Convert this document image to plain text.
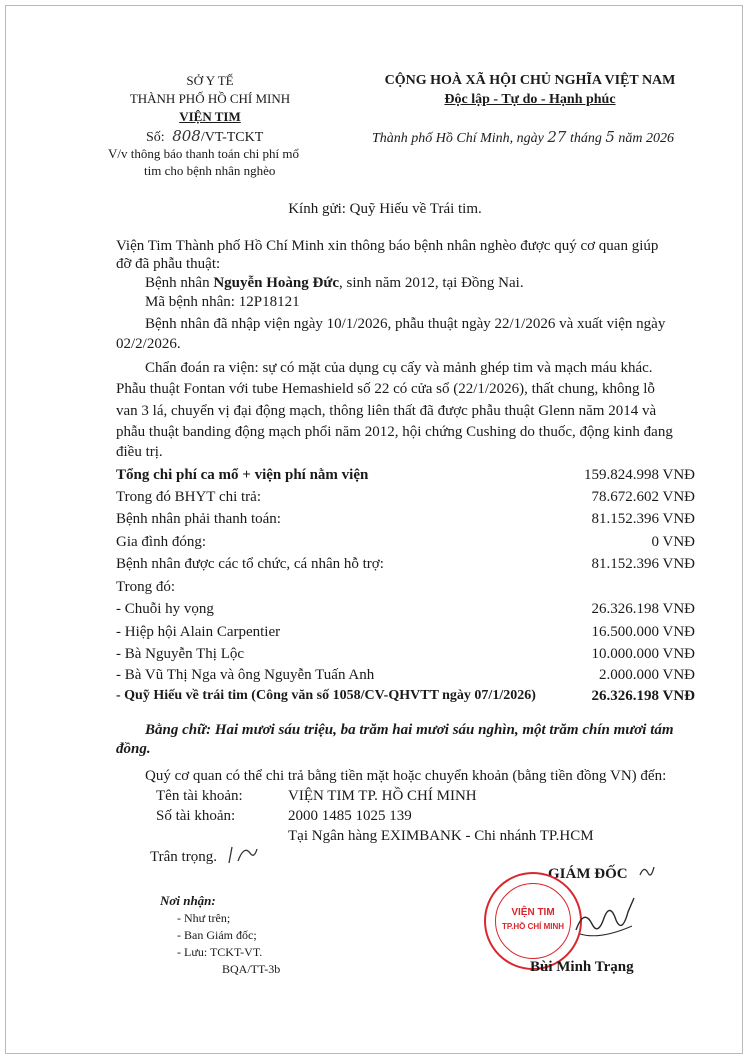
SỞ Y TẾ
THÀNH PHỐ HỒ CHÍ MINH
VIỆN TIM
Số: 808/VT-TCKT
V/v thông báo thanh toán chi phí mổ
tim cho bệnh nhân nghèo
CỘNG HOÀ XÃ HỘI CHỦ NGHĨA VIỆT NAM
Độc lập - Tự do - Hạnh phúc
Thành phố Hồ Chí Minh, ngày 27 tháng 5 năm 2026
Kính gửi: Quỹ Hiếu về Trái tim.
Viện Tim Thành phố Hồ Chí Minh xin thông báo bệnh nhân nghèo được quý cơ quan giúp
đỡ đã phẫu thuật:
Bệnh nhân Nguyễn Hoàng Đức, sinh năm 2012, tại Đồng Nai.
Mã bệnh nhân: 12P18121
Bệnh nhân đã nhập viện ngày 10/1/2026, phẫu thuật ngày 22/1/2026 và xuất viện ngày
02/2/2026.
Chẩn đoán ra viện: sự có mặt của dụng cụ cấy và mảnh ghép tim và mạch máu khác.
Phẫu thuật Fontan với tube Hemashield số 22 có cửa sổ (22/1/2026), thất chung, không lỗ
van 3 lá, chuyển vị đại động mạch, thông liên thất đã được phẫu thuật Glenn năm 2014 và
phẫu thuật banding động mạch phổi năm 2012, hội chứng Cushing do thuốc, động kinh đang
điều trị.
Tổng chi phí ca mổ + viện phí nằm viện	159.824.998 VNĐ
Trong đó BHYT chi trả:	78.672.602 VNĐ
Bệnh nhân phải thanh toán:	81.152.396 VNĐ
Gia đình đóng:	0 VNĐ
Bệnh nhân được các tổ chức, cá nhân hỗ trợ:	81.152.396 VNĐ
Trong đó:
- Chuỗi hy vọng	26.326.198 VNĐ
- Hiệp hội Alain Carpentier	16.500.000 VNĐ
- Bà Nguyễn Thị Lộc	10.000.000 VNĐ
- Bà Vũ Thị Nga và ông Nguyễn Tuấn Anh	2.000.000 VNĐ
- Quỹ Hiếu về trái tim (Công văn số 1058/CV-QHVTT ngày 07/1/2026)	26.326.198 VNĐ
Bằng chữ: Hai mươi sáu triệu, ba trăm hai mươi sáu nghìn, một trăm chín mươi tám
đồng.
Quý cơ quan có thể chi trả bằng tiền mặt hoặc chuyển khoản (bằng tiền đồng VN) đến:
Tên tài khoản:	VIỆN TIM TP. HỒ CHÍ MINH
Số tài khoản:	2000 1485 1025 139
Tại Ngân hàng EXIMBANK - Chi nhánh TP.HCM
Trân trọng.
Nơi nhận:
- Như trên;
- Ban Giám đốc;
- Lưu: TCKT-VT.
BQA/TT-3b
GIÁM ĐỐC
VIỆN TIM
TP.HỒ CHÍ MINH
Bùi Minh Trạng
